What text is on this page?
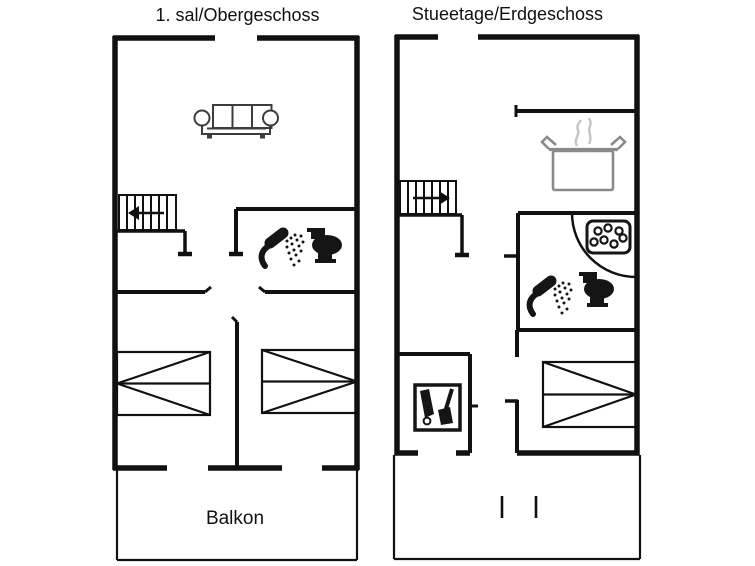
1. sal/Obergeschoss	Stueetage/Erdgeschoss
Balkon
